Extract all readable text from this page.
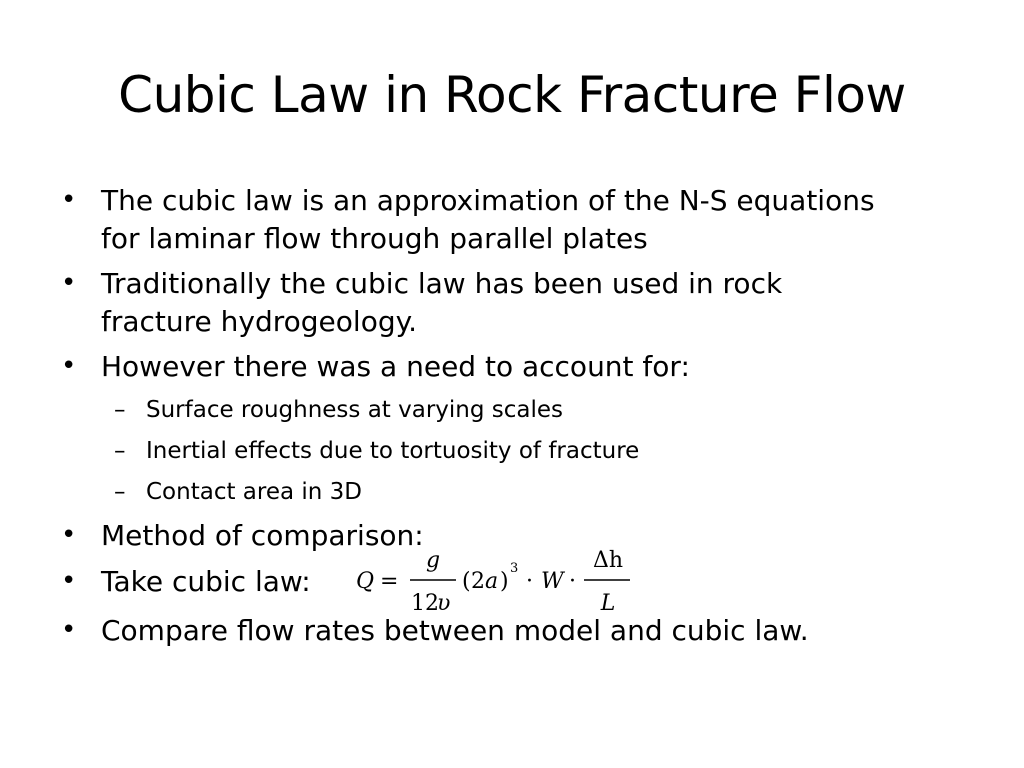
Cubic Law in Rock Fracture Flow
• The cubic law is an approximation of the N-S equations
for laminar flow through parallel plates
• Traditionally the cubic law has been used in rock
fracture hydrogeology.
• However there was a need to account for:
– Surface roughness at varying scales
– Inertial effects due to tortuosity of fracture
– Contact area in 3D
• Method of comparison:
• Take cubic law:
• Compare flow rates between model and cubic law.
Q =
g
12
υ
( 2 a )
3
· W ·
Δh
L
